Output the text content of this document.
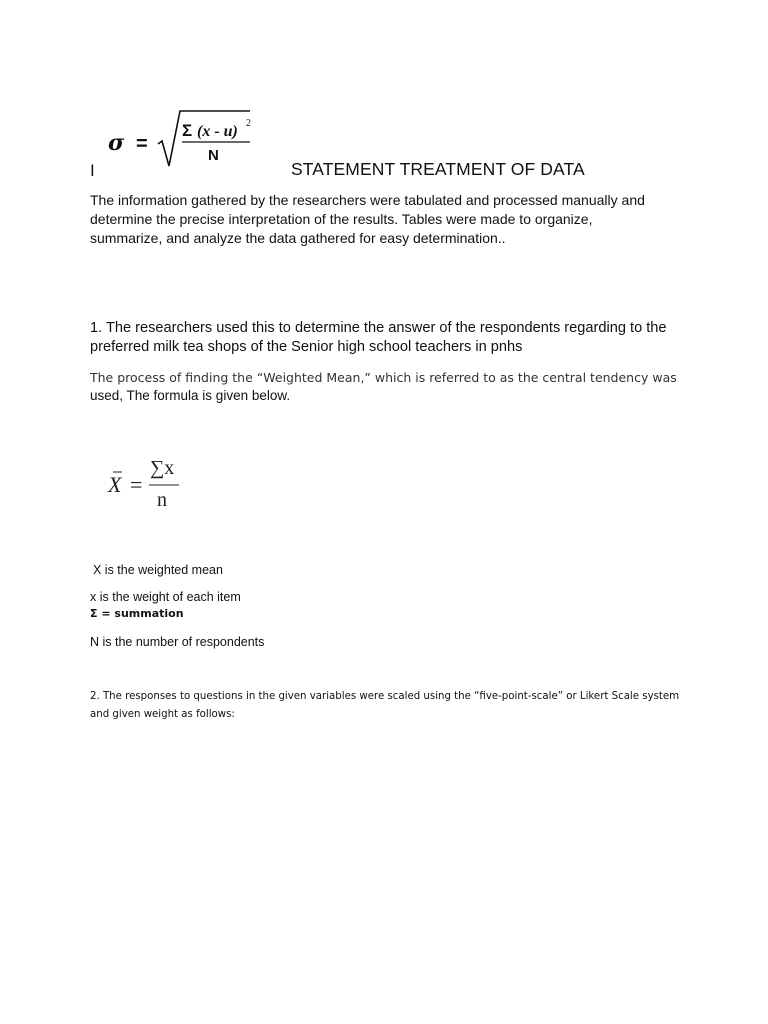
σ =
Σ (x - u) 2
N
I	STATEMENT TREATMENT OF DATA
The information gathered by the researchers were tabulated and processed manually and determine the precise interpretation of the results. Tables were made to organize, summarize, and analyze the data gathered for easy determination..
1. The researchers used this to determine the answer of the respondents regarding to the preferred milk tea shops of the Senior high school teachers in pnhs
The process of finding the “Weighted Mean,” which is referred to as the central tendency was
used, The formula is given below.
X =
∑x
n
X is the weighted mean
x is the weight of each item
Σ = summation
N is the number of respondents
2. The responses to questions in the given variables were scaled using the “five-point-scale” or Likert Scale system and given weight as follows:
